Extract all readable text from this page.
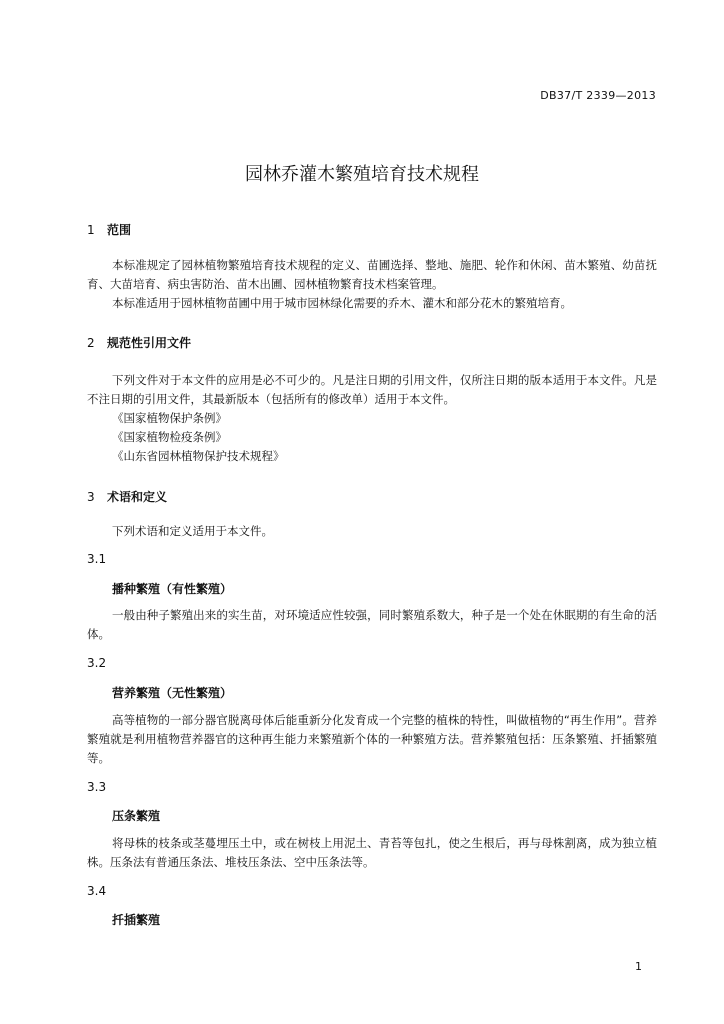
DB37/T 2339—2013
园林乔灌木繁殖培育技术规程
1 范围

本标准规定了园林植物繁殖培育技术规程的定义、苗圃选择、整地、施肥、轮作和休闲、苗木繁殖、幼苗抚育、大苗培育、病虫害防治、苗木出圃、园林植物繁育技术档案管理。

本标准适用于园林植物苗圃中用于城市园林绿化需要的乔木、灌木和部分花木的繁殖培育。

2 规范性引用文件

下列文件对于本文件的应用是必不可少的。凡是注日期的引用文件，仅所注日期的版本适用于本文件。凡是不注日期的引用文件，其最新版本（包括所有的修改单）适用于本文件。

《国家植物保护条例》
《国家植物检疫条例》
《山东省园林植物保护技术规程》
3 术语和定义

下列术语和定义适用于本文件。

3.1
播种繁殖（有性繁殖）

一般由种子繁殖出来的实生苗，对环境适应性较强，同时繁殖系数大，种子是一个处在休眠期的有生命的活体。

3.2
营养繁殖（无性繁殖）

高等植物的一部分器官脱离母体后能重新分化发育成一个完整的植株的特性，叫做植物的“再生作用”。营养繁殖就是利用植物营养器官的这种再生能力来繁殖新个体的一种繁殖方法。营养繁殖包括：压条繁殖、扦插繁殖等。

3.3
压条繁殖

将母株的枝条或茎蔓埋压土中，或在树枝上用泥土、青苔等包扎，使之生根后，再与母株割离，成为独立植株。压条法有普通压条法、堆枝压条法、空中压条法等。

3.4
扦插繁殖
1
